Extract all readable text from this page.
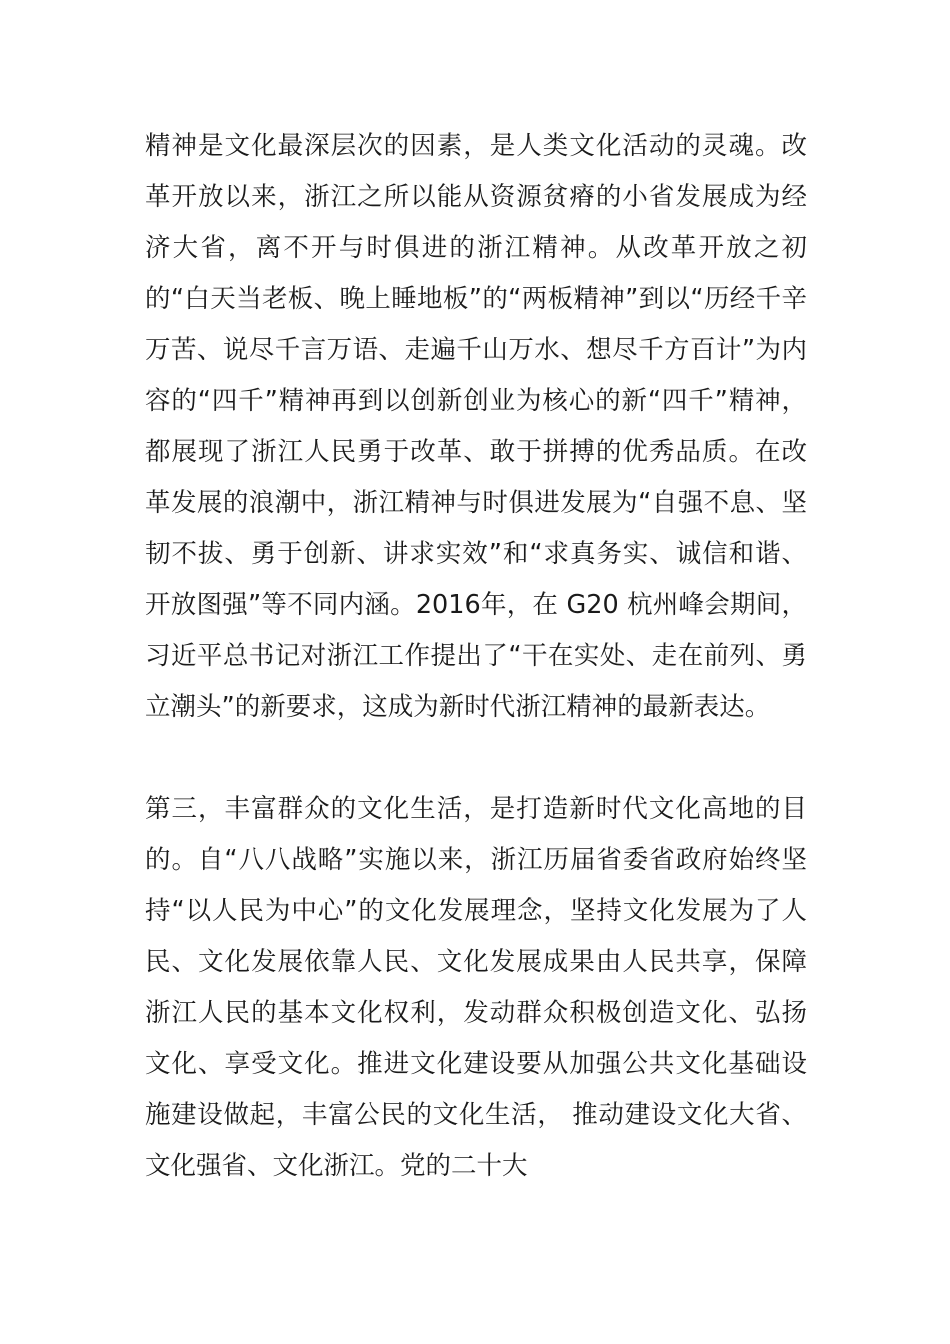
精神是文化最深层次的因素，是人类文化活动的灵魂。改革开放以来，浙江之所以能从资源贫瘠的小省发展成为经济大省，离不开与时俱进的浙江精神。从改革开放之初的“白天当老板、晚上睡地板”的“两板精神”到以“历经千辛万苦、说尽千言万语、走遍千山万水、想尽千方百计”为内容的“四千”精神再到以创新创业为核心的新“四千”精神，都展现了浙江人民勇于改革、敢于拼搏的优秀品质。在改革发展的浪潮中，浙江精神与时俱进发展为“自强不息、坚韧不拔、勇于创新、讲求实效”和“求真务实、诚信和谐、开放图强”等不同内涵。2016年，在 G20 杭州峰会期间，习近平总书记对浙江工作提出了“干在实处、走在前列、勇立潮头”的新要求，这成为新时代浙江精神的最新表达。

第三，丰富群众的文化生活，是打造新时代文化高地的目的。自“八八战略”实施以来，浙江历届省委省政府始终坚持“以人民为中心”的文化发展理念，坚持文化发展为了人民、文化发展依靠人民、文化发展成果由人民共享，保障浙江人民的基本文化权利，发动群众积极创造文化、弘扬文化、享受文化。推进文化建设要从加强公共文化基础设施建设做起，丰富公民的文化生活， 推动建设文化大省、文化强省、文化浙江。党的二十大
